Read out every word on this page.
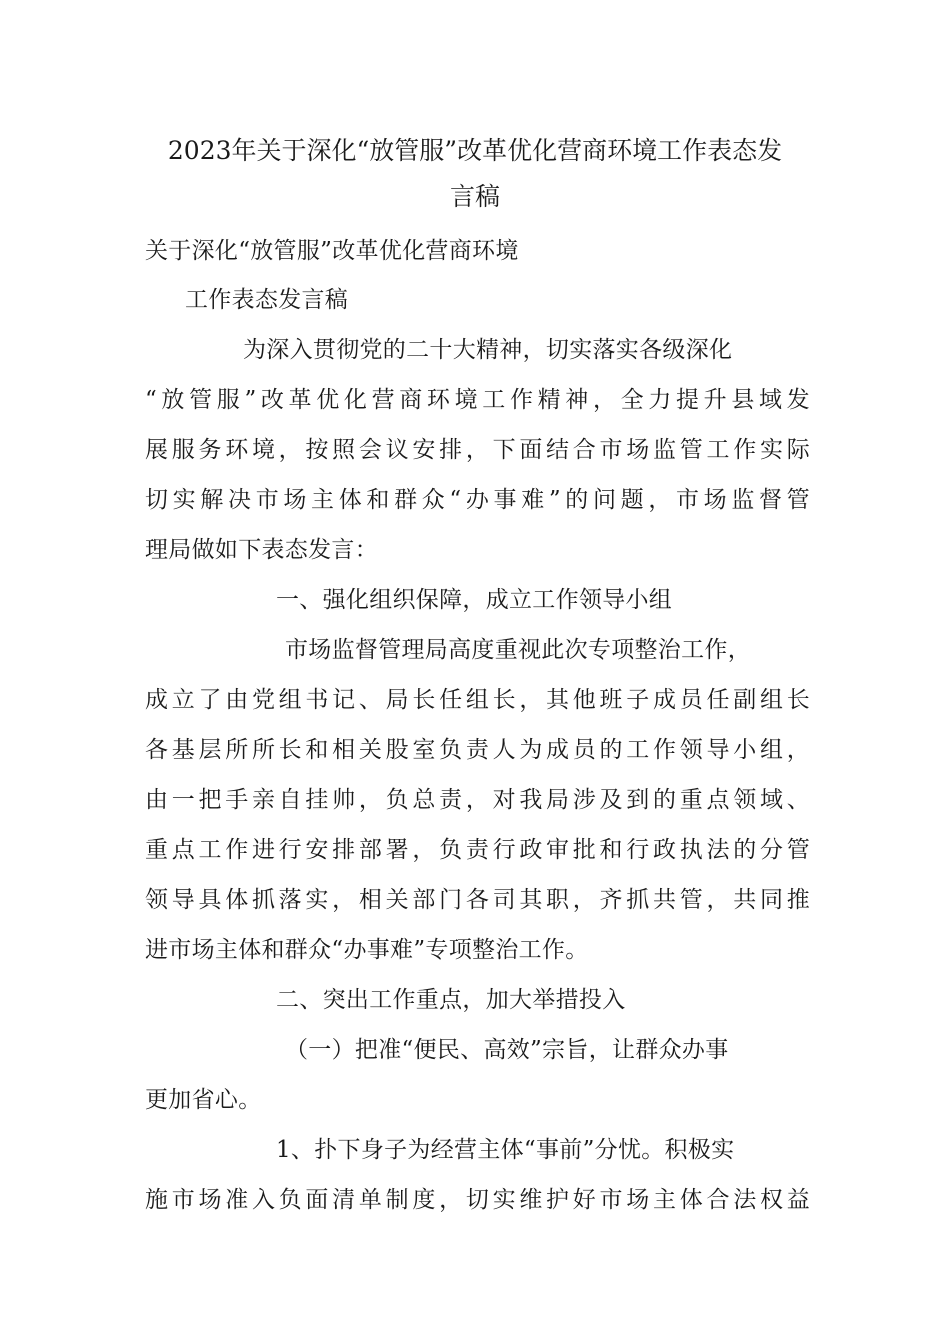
2023年关于深化“放管服”改革优化营商环境工作表态发
言稿

关于深化“放管服”改革优化营商环境

工作表态发言稿

为深入贯彻党的二十大精神，切实落实各级深化

“放管服”改革优化营商环境工作精神，全力提升县域发

展服务环境，按照会议安排，下面结合市场监管工作实际

切实解决市场主体和群众“办事难”的问题，市场监督管

理局做如下表态发言：

一、强化组织保障，成立工作领导小组

市场监督管理局高度重视此次专项整治工作，

成立了由党组书记、局长任组长，其他班子成员任副组长

各基层所所长和相关股室负责人为成员的工作领导小组，

由一把手亲自挂帅，负总责，对我局涉及到的重点领域、

重点工作进行安排部署，负责行政审批和行政执法的分管

领导具体抓落实，相关部门各司其职，齐抓共管，共同推

进市场主体和群众“办事难”专项整治工作。

二、突出工作重点，加大举措投入

（一）把准“便民、高效”宗旨，让群众办事

更加省心。

1、扑下身子为经营主体“事前”分忧。积极实

施市场准入负面清单制度，切实维护好市场主体合法权益
